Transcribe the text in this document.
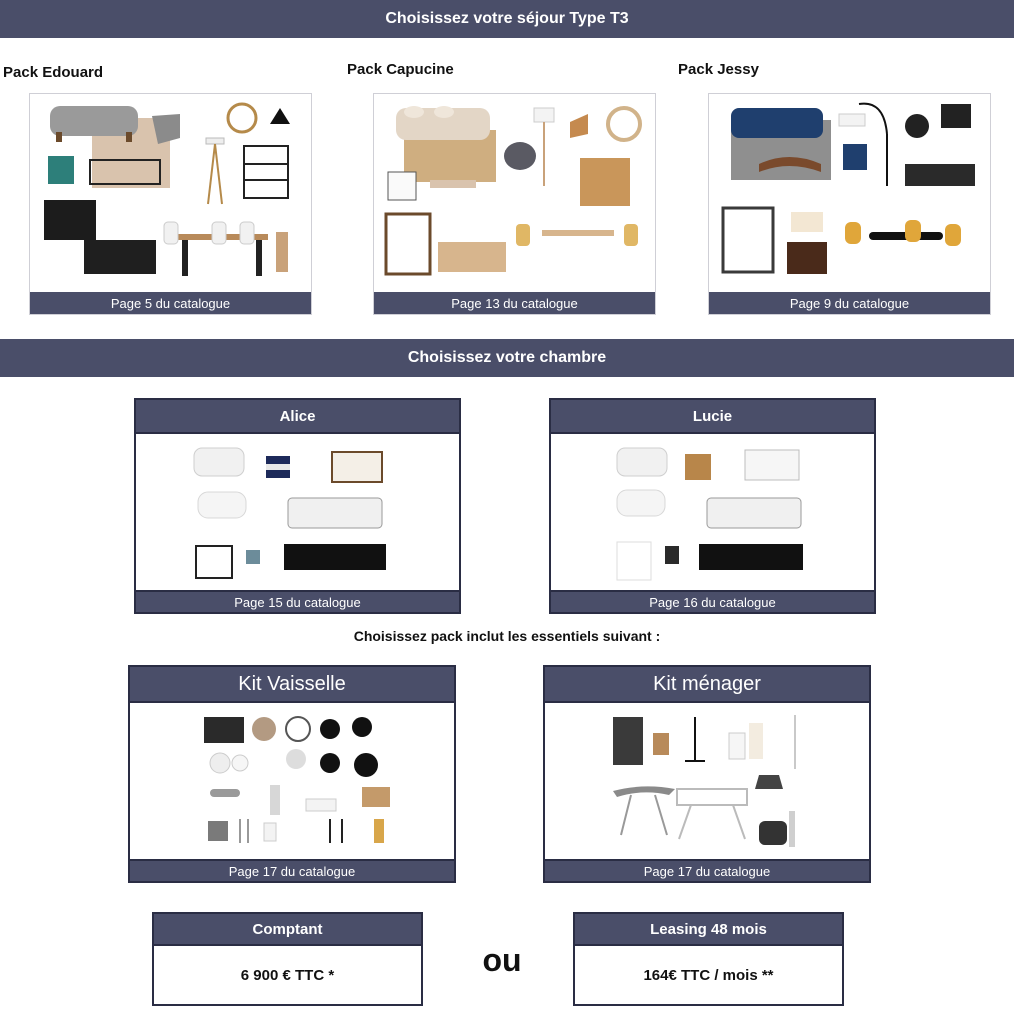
Choisissez votre séjour Type T3
Pack Edouard	Pack Capucine	Pack Jessy
Page 5 du catalogue	Page 13 du catalogue	Page 9 du catalogue
Choisissez votre chambre
Alice
Page 15 du catalogue
Lucie
Page 16 du catalogue
Choisissez pack inclut les essentiels suivant :
Kit Vaisselle
Page 17 du catalogue
Kit ménager
Page 17 du catalogue
Comptant
6 900 € TTC *	ou
Leasing 48 mois
164€ TTC / mois **
